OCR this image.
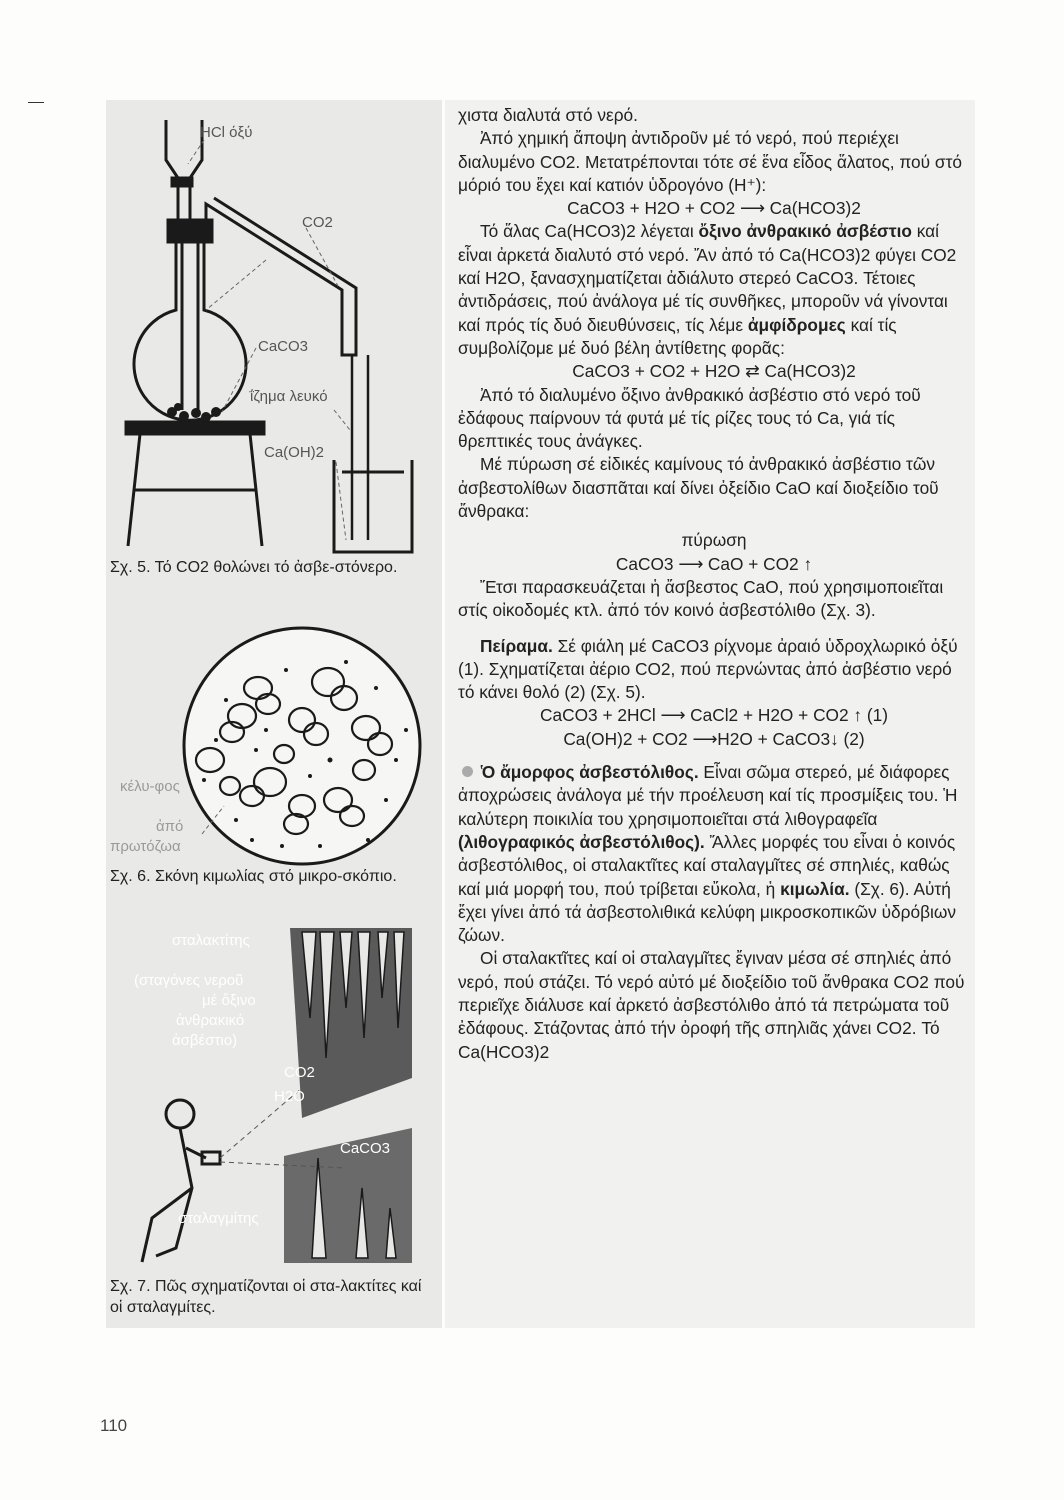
HCl όξύ
CO2
CaCO3
ΐζημα λευκό
Ca(OH)2
Σχ. 5. Τό CO2 θολώνει τό ἀσβε-στόνερο.
κέλυ-φος
ἀπό
πρωτόζωα
Σχ. 6. Σκόνη κιμωλίας στό μικρο-σκόπιο.
σταλακτίτης
(σταγόνες νεροῦ
μέ ὄξινο
ἀνθρακικό
ἀσβέστιο)
CO2
H2O
CaCO3
σταλαγμίτης
Σχ. 7. Πῶς σχηματίζονται οἱ στα-λακτίτες καί οἱ σταλαγμίτες.

χιστα διαλυτά στό νερό.

Ἀπό χημική ἄποψη ἀντιδροῦν μέ τό νερό, πού περιέχει διαλυμένο CO2. Μετατρέπονται τότε σέ ἕνα εἶδος ἅλατος, πού στό μόριό του ἔχει καί κατιόν ὑδρογόνο (H⁺):

CaCO3 + H2O + CO2 ⟶ Ca(HCO3)2

Τό ἅλας Ca(HCO3)2 λέγεται ὄξινο ἀνθρακικό ἀσβέστιο καί εἶναι ἀρκετά διαλυτό στό νερό. Ἄν ἀπό τό Ca(HCO3)2 φύγει CO2 καί H2O, ξανασχηματίζεται ἀδιάλυτο στερεό CaCO3. Τέτοιες ἀντιδράσεις, πού ἀνάλογα μέ τίς συνθῆκες, μποροῦν νά γίνονται καί πρός τίς δυό διευθύνσεις, τίς λέμε ἀμφίδρομες καί τίς συμβολίζομε μέ δυό βέλη ἀντίθετης φορᾶς:

CaCO3 + CO2 + H2O ⇄ Ca(HCO3)2

Ἀπό τό διαλυμένο ὄξινο ἀνθρακικό ἀσβέστιο στό νερό τοῦ ἐδάφους παίρνουν τά φυτά μέ τίς ρίζες τους τό Ca, γιά τίς θρεπτικές τους ἀνάγκες.

Μέ πύρωση σέ εἰδικές καμίνους τό ἀνθρακικό ἀσβέστιο τῶν ἀσβεστολίθων διασπᾶται καί δίνει ὀξείδιο CaO καί διοξείδιο τοῦ ἄνθρακα:

πύρωση

CaCO3 ⟶ CaO + CO2 ↑

Ἔτσι παρασκευάζεται ἡ ἄσβεστος CaO, πού χρησιμοποιεῖται στίς οἰκοδομές κτλ. ἀπό τόν κοινό ἀσβεστόλιθο (Σχ. 3).

Πείραμα. Σέ φιάλη μέ CaCO3 ρίχνομε ἀραιό ὑδροχλωρικό ὀξύ (1). Σχηματίζεται ἀέριο CO2, πού περνώντας ἀπό ἀσβέστιο νερό τό κάνει θολό (2) (Σχ. 5).

CaCO3 + 2HCl ⟶ CaCl2 + H2O + CO2 ↑ (1)

Ca(OH)2 + CO2 ⟶H2O + CaCO3↓ (2)

Ὁ ἄμορφος ἀσβεστόλιθος. Εἶναι σῶμα στερεό, μέ διάφορες ἀποχρώσεις ἀνάλογα μέ τήν προέλευση καί τίς προσμίξεις του. Ἡ καλύτερη ποικιλία του χρησιμοποιεῖται στά λιθογραφεῖα (λιθογραφικός ἀσβεστόλιθος). Ἄλλες μορφές του εἶναι ὁ κοινός ἀσβεστόλιθος, οἱ σταλακτῖτες καί σταλαγμῖτες σέ σπηλιές, καθώς καί μιά μορφή του, πού τρίβεται εὔκολα, ἡ κιμωλία. (Σχ. 6). Αὐτή ἔχει γίνει ἀπό τά ἀσβεστολιθικά κελύφη μικροσκοπικῶν ὑδρόβιων ζώων.

Οἱ σταλακτῖτες καί οἱ σταλαγμῖτες ἔγιναν μέσα σέ σπηλιές ἀπό νερό, πού στάζει. Τό νερό αὐτό μέ διοξείδιο τοῦ ἄνθρακα CO2 πού περιεῖχε διάλυσε καί ἀρκετό ἀσβεστόλιθο ἀπό τά πετρώματα τοῦ ἐδάφους. Στάζοντας ἀπό τήν ὀροφή τῆς σπηλιᾶς χάνει CO2. Τό Ca(HCO3)2

110
